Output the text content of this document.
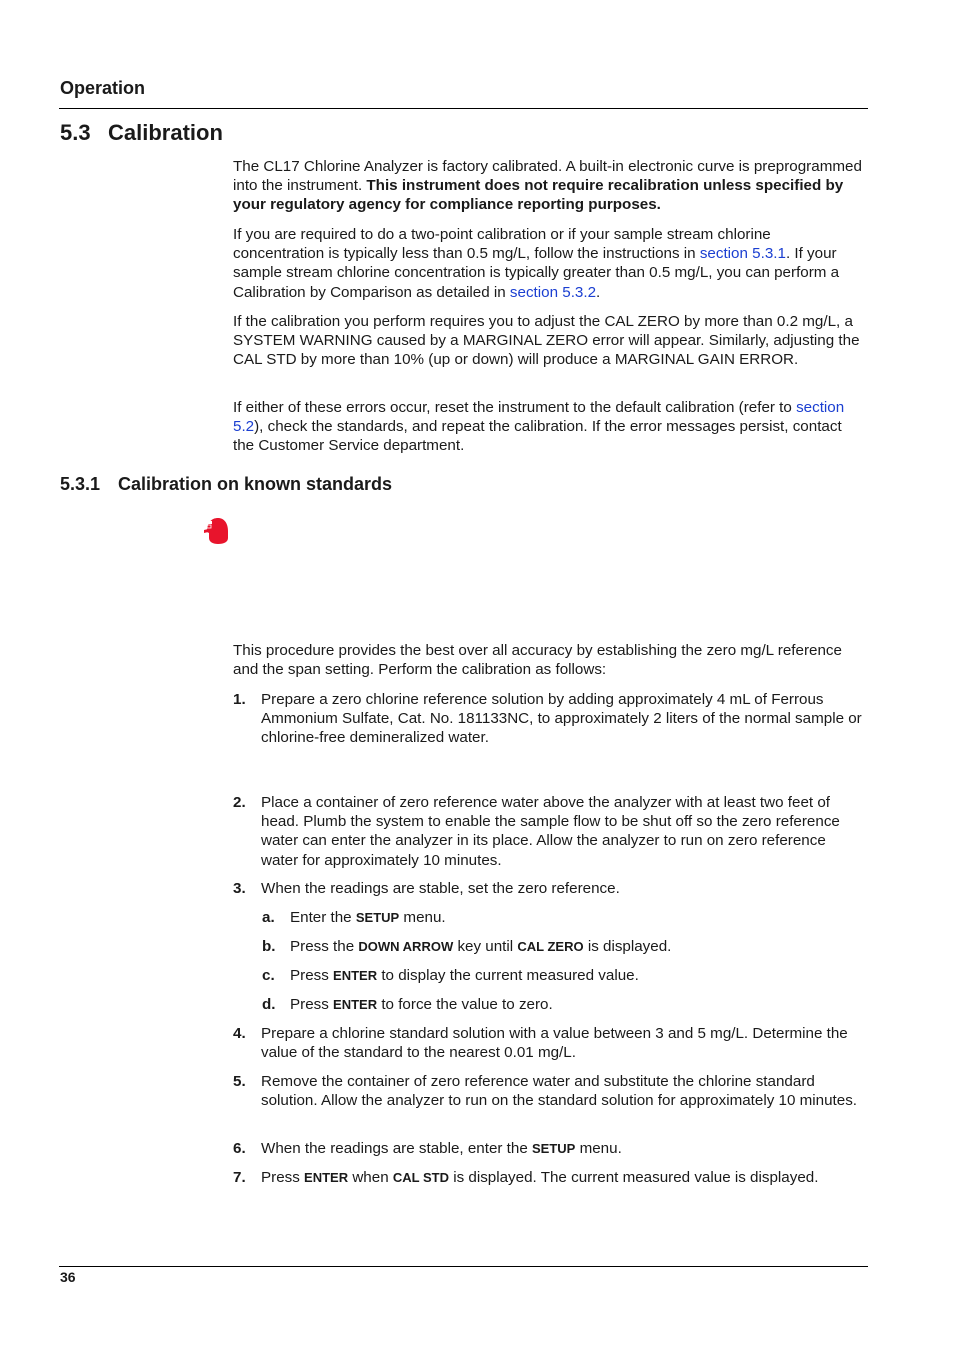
Operation
5.3 Calibration

The CL17 Chlorine Analyzer is factory calibrated. A built-in electronic curve is preprogrammed into the instrument. This instrument does not require recalibration unless specified by your regulatory agency for compliance reporting purposes.

If you are required to do a two-point calibration or if your sample stream chlorine concentration is typically less than 0.5 mg/L, follow the instructions in section 5.3.1. If your sample stream chlorine concentration is typically greater than 0.5 mg/L, you can perform a Calibration by Comparison as detailed in section 5.3.2.

If the calibration you perform requires you to adjust the CAL ZERO by more than 0.2 mg/L, a SYSTEM WARNING caused by a MARGINAL ZERO error will appear. Similarly, adjusting the CAL STD by more than 10% (up or down) will produce a MARGINAL GAIN ERROR.

If either of these errors occur, reset the instrument to the default calibration (refer to section 5.2), check the standards, and repeat the calibration. If the error messages persist, contact the Customer Service department.

5.3.1 Calibration on known standards

This procedure provides the best over all accuracy by establishing the zero mg/L reference and the span setting. Perform the calibration as follows:

1. Prepare a zero chlorine reference solution by adding approximately 4 mL of Ferrous Ammonium Sulfate, Cat. No. 181133NC, to approximately 2 liters of the normal sample or chlorine-free demineralized water.
2. Place a container of zero reference water above the analyzer with at least two feet of head. Plumb the system to enable the sample flow to be shut off so the zero reference water can enter the analyzer in its place. Allow the analyzer to run on zero reference water for approximately 10 minutes.
3. When the readings are stable, set the zero reference.
a. Enter the SETUP menu.
b. Press the DOWN ARROW key until CAL ZERO is displayed.
c. Press ENTER to display the current measured value.
d. Press ENTER to force the value to zero.
4. Prepare a chlorine standard solution with a value between 3 and 5 mg/L. Determine the value of the standard to the nearest 0.01 mg/L.
5. Remove the container of zero reference water and substitute the chlorine standard solution. Allow the analyzer to run on the standard solution for approximately 10 minutes.
6. When the readings are stable, enter the SETUP menu.
7. Press ENTER when CAL STD is displayed. The current measured value is displayed.
36
